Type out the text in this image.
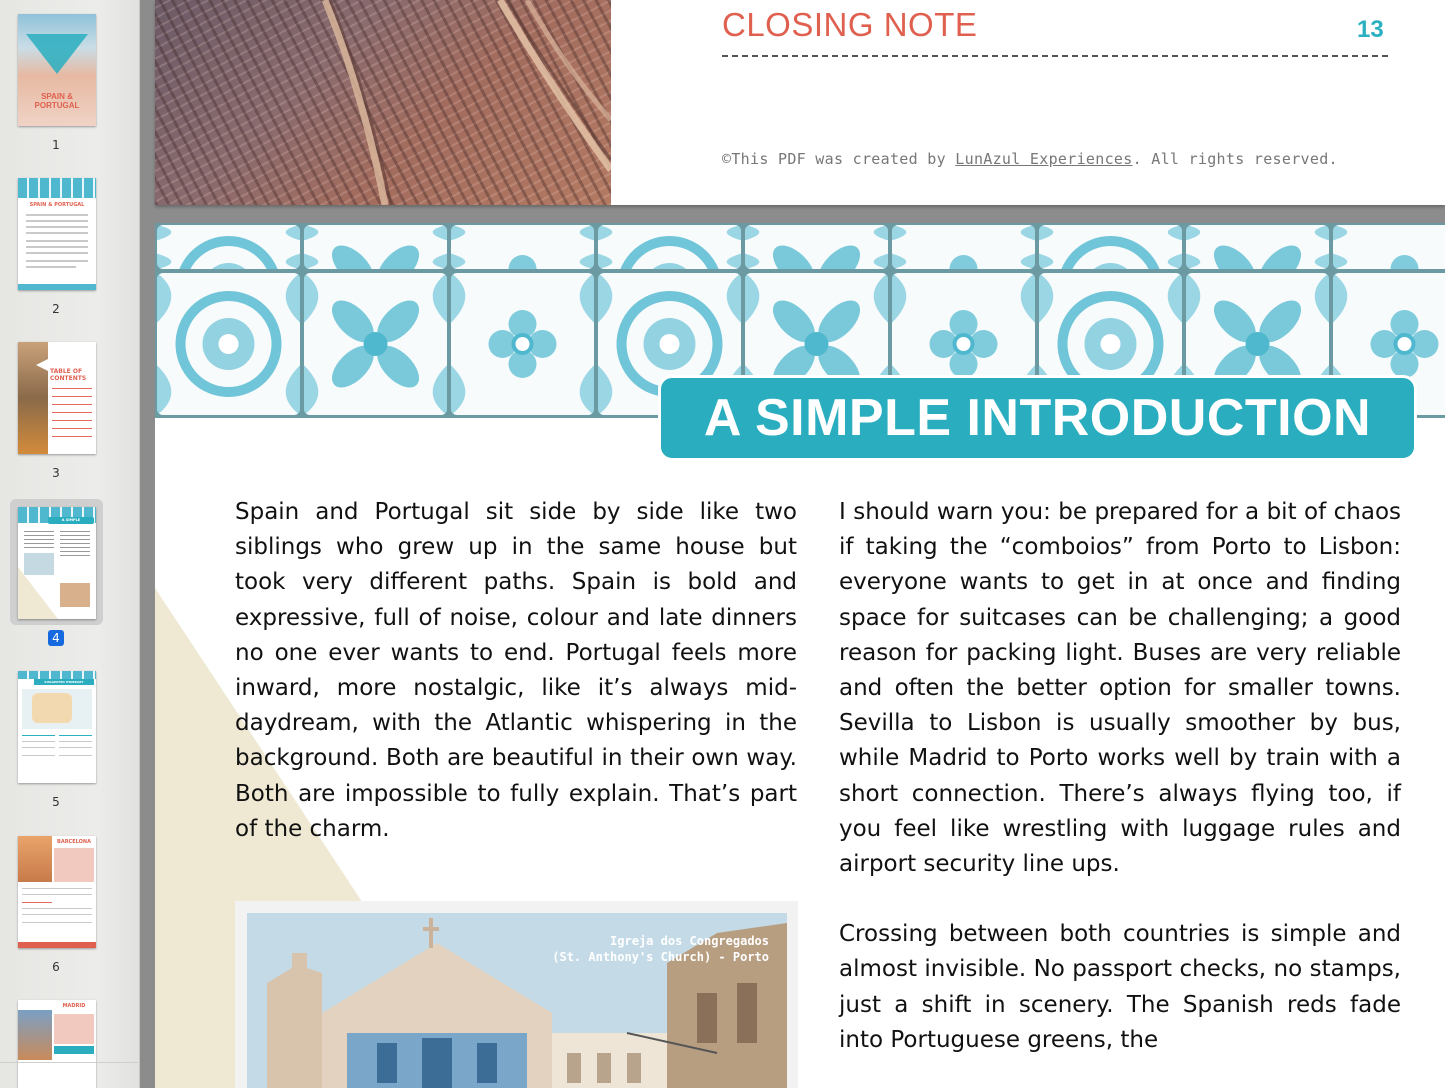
SPAIN & PORTUGAL
1
SPAIN & PORTUGAL
2
TABLE OF CONTENTS
3
A SIMPLE INTRODUCTION
4
SUGGESTED ITINERARY
5
BARCELONA
6
MADRID
CLOSING NOTE	13
©This PDF was created by LunAzul Experiences. All rights reserved.
A SIMPLE INTRODUCTION
Spain and Portugal sit side by side like two siblings who grew up in the same house but took very different paths. Spain is bold and expressive, full of noise, colour and late dinners no one ever wants to end. Portugal feels more inward, more nostalgic, like it’s always mid-daydream, with the Atlantic whispering in the background. Both are beautiful in their own way. Both are impossible to fully explain. That’s part of the charm.

I should warn you: be prepared for a bit of chaos if taking the “comboios” from Porto to Lisbon: everyone wants to get in at once and finding space for suitcases can be challenging; a good reason for packing light. Buses are very reliable and often the better option for smaller towns. Sevilla to Lisbon is usually smoother by bus, while Madrid to Porto works well by train with a short connection. There’s always flying too, if you feel like wrestling with luggage rules and airport security line ups.

Crossing between both countries is simple and almost invisible. No passport checks, no stamps, just a shift in scenery. The Spanish reds fade into Portuguese greens, the

Igreja dos Congregados
(St. Anthony's Church) - Porto
